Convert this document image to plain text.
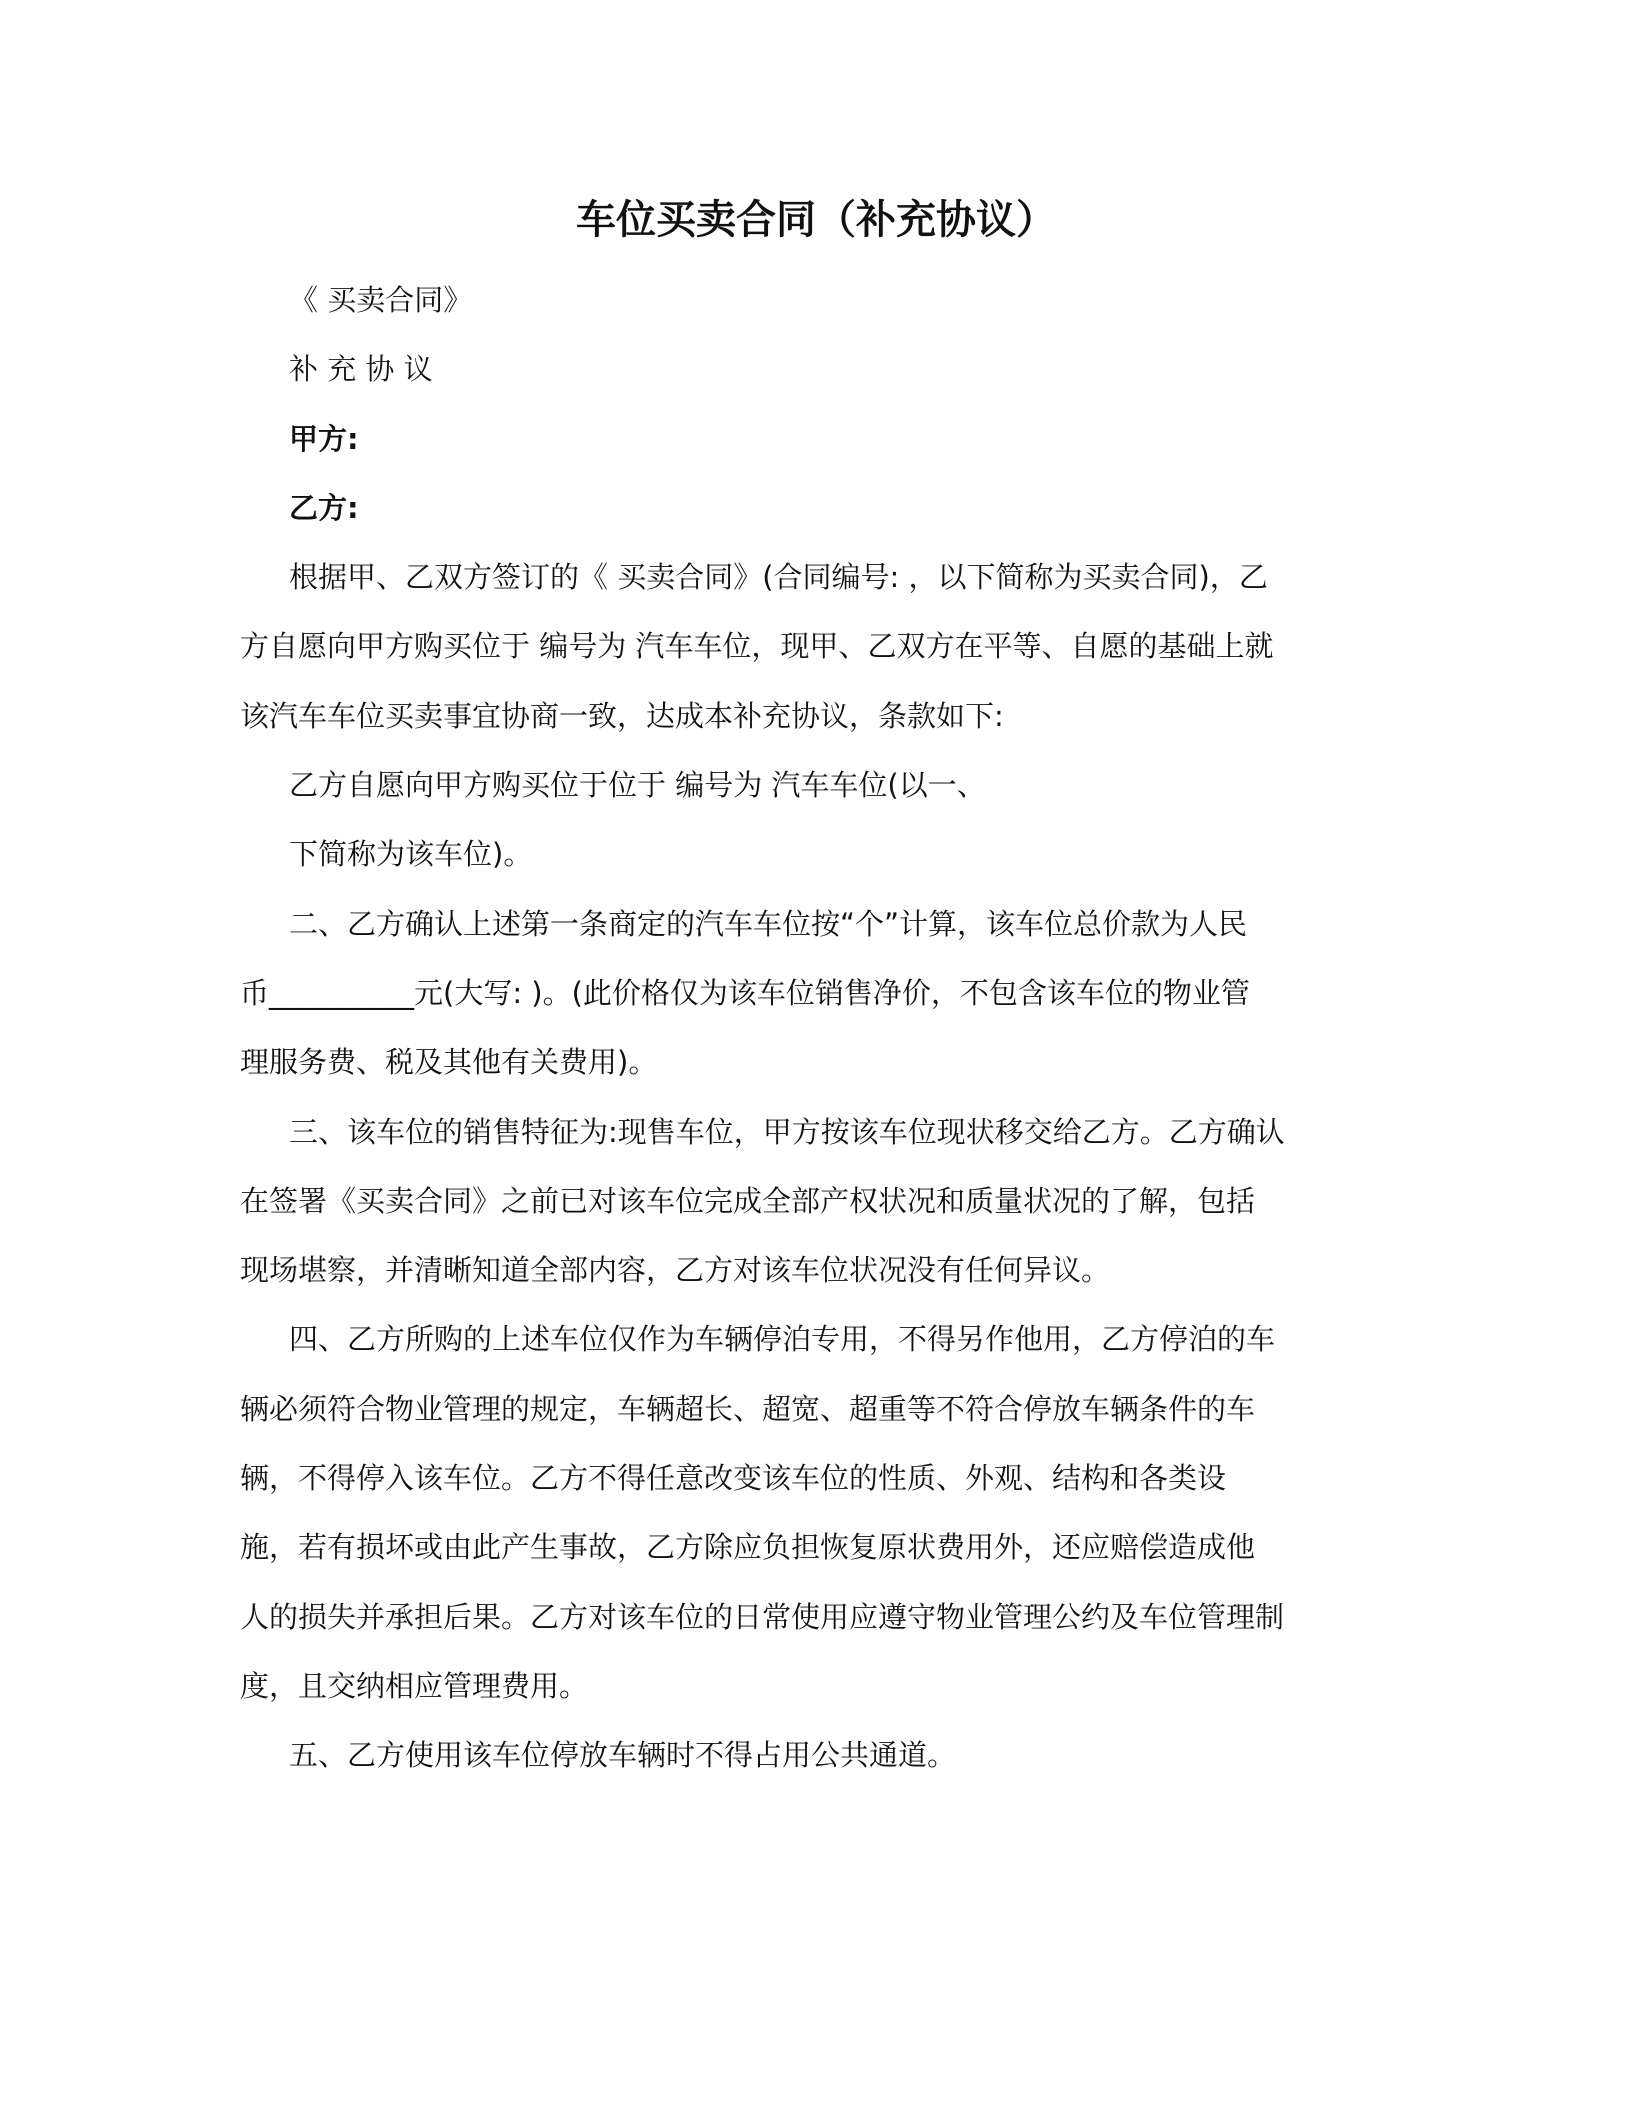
车位买卖合同（补充协议）
《 买卖合同》
补 充 协 议
甲方:
乙方:
根据甲、乙双方签订的《 买卖合同》(合同编号: ，以下简称为买卖合同)，乙
方自愿向甲方购买位于 编号为 汽车车位，现甲、乙双方在平等、自愿的基础上就
该汽车车位买卖事宜协商一致，达成本补充协议，条款如下:
乙方自愿向甲方购买位于位于 编号为 汽车车位(以一、
下简称为该车位)。
二、乙方确认上述第一条商定的汽车车位按“个”计算，该车位总价款为人民
币__________元(大写: )。(此价格仅为该车位销售净价，不包含该车位的物业管
理服务费、税及其他有关费用)。
三、该车位的销售特征为:现售车位，甲方按该车位现状移交给乙方。乙方确认
在签署《买卖合同》之前已对该车位完成全部产权状况和质量状况的了解，包括
现场堪察，并清晰知道全部内容，乙方对该车位状况没有任何异议。
四、乙方所购的上述车位仅作为车辆停泊专用，不得另作他用，乙方停泊的车
辆必须符合物业管理的规定，车辆超长、超宽、超重等不符合停放车辆条件的车
辆，不得停入该车位。乙方不得任意改变该车位的性质、外观、结构和各类设
施，若有损坏或由此产生事故，乙方除应负担恢复原状费用外，还应赔偿造成他
人的损失并承担后果。乙方对该车位的日常使用应遵守物业管理公约及车位管理制
度，且交纳相应管理费用。
五、乙方使用该车位停放车辆时不得占用公共通道。
